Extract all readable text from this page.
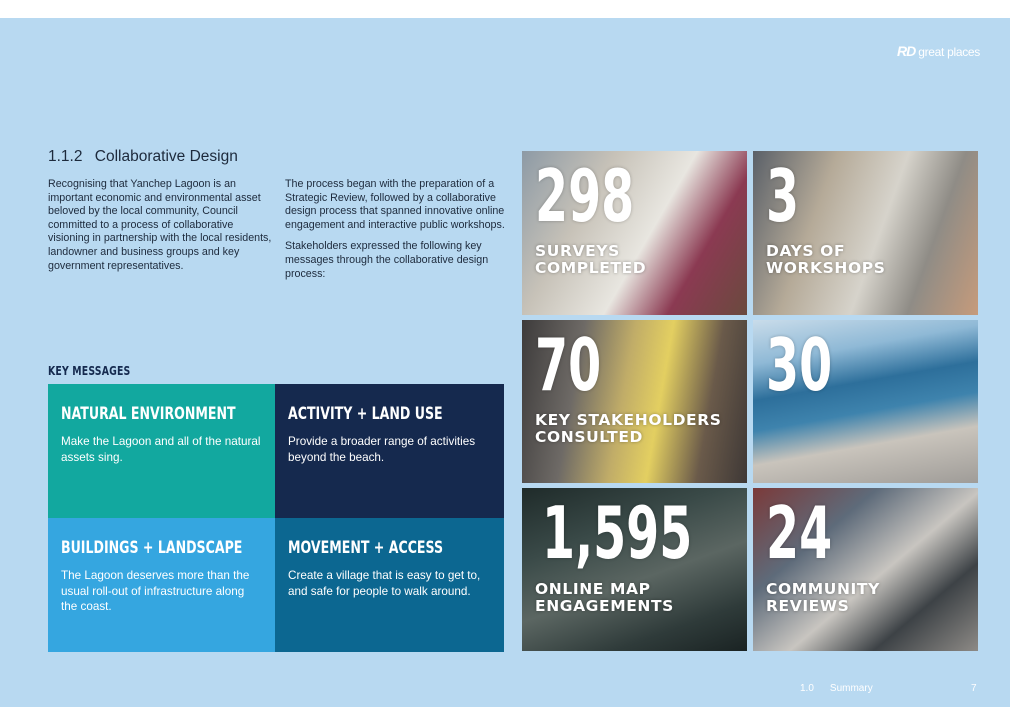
RD great places
1.1.2 Collaborative Design

Recognising that Yanchep Lagoon is an important economic and environmental asset beloved by the local community, Council committed to a process of collaborative visioning in partnership with the local residents, landowner and business groups and key government representatives.

The process began with the preparation of a Strategic Review, followed by a collaborative design process that spanned innovative online engagement and interactive public workshops.

Stakeholders expressed the following key messages through the collaborative design process:

KEY MESSAGES
NATURAL ENVIRONMENT
Make the Lagoon and all of the natural assets sing.
ACTIVITY + LAND USE
Provide a broader range of activities beyond the beach.
BUILDINGS + LANDSCAPE
The Lagoon deserves more than the usual roll-out of infrastructure along the coast.
MOVEMENT + ACCESS
Create a village that is easy to get to, and safe for people to walk around.
298
SURVEYS
COMPLETED
3
DAYS OF
WORKSHOPS
70
KEY STAKEHOLDERS
CONSULTED
30
1,595
ONLINE MAP
ENGAGEMENTS
24
COMMUNITY
REVIEWS
1.0 Summary	7
